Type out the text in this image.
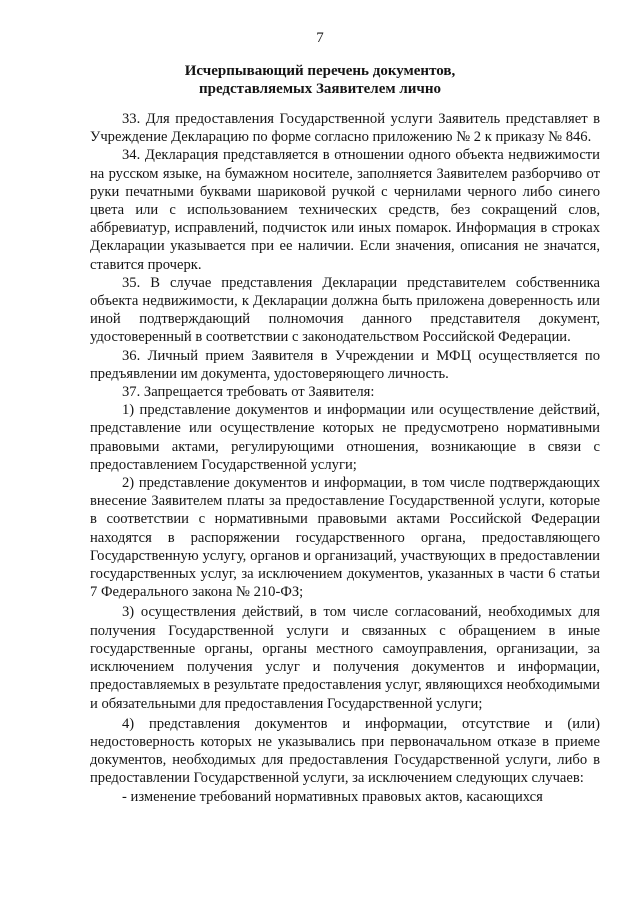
7
Исчерпывающий перечень документов,
представляемых Заявителем лично

33. Для предоставления Государственной услуги Заявитель представляет в Учреждение Декларацию по форме согласно приложению № 2 к приказу № 846.

34. Декларация представляется в отношении одного объекта недвижимости на русском языке, на бумажном носителе, заполняется Заявителем разборчиво от руки печатными буквами шариковой ручкой с чернилами черного либо синего цвета или с использованием технических средств, без сокращений слов, аббревиатур, исправлений, подчисток или иных помарок. Информация в строках Декларации указывается при ее наличии. Если значения, описания не значатся, ставится прочерк.

35. В случае представления Декларации представителем собственника объекта недвижимости, к Декларации должна быть приложена доверенность или иной подтверждающий полномочия данного представителя документ, удостоверенный в соответствии с законодательством Российской Федерации.

36. Личный прием Заявителя в Учреждении и МФЦ осуществляется по предъявлении им документа, удостоверяющего личность.

37. Запрещается требовать от Заявителя:

1) представление документов и информации или осуществление действий, представление или осуществление которых не предусмотрено нормативными правовыми актами, регулирующими отношения, возникающие в связи с предоставлением Государственной услуги;

2) представление документов и информации, в том числе подтверждающих внесение Заявителем платы за предоставление Государственной услуги, которые в соответствии с нормативными правовыми актами Российской Федерации находятся в распоряжении государственного органа, предоставляющего Государственную услугу, органов и организаций, участвующих в предоставлении государственных услуг, за исключением документов, указанных в части 6 статьи 7 Федерального закона № 210-ФЗ;

3) осуществления действий, в том числе согласований, необходимых для получения Государственной услуги и связанных с обращением в иные государственные органы, органы местного самоуправления, организации, за исключением получения услуг и получения документов и информации, предоставляемых в результате предоставления услуг, являющихся необходимыми и обязательными для предоставления Государственной услуги;

4) представления документов и информации, отсутствие и (или) недостоверность которых не указывались при первоначальном отказе в приеме документов, необходимых для предоставления Государственной услуги, либо в предоставлении Государственной услуги, за исключением следующих случаев:

- изменение требований нормативных правовых актов, касающихся
